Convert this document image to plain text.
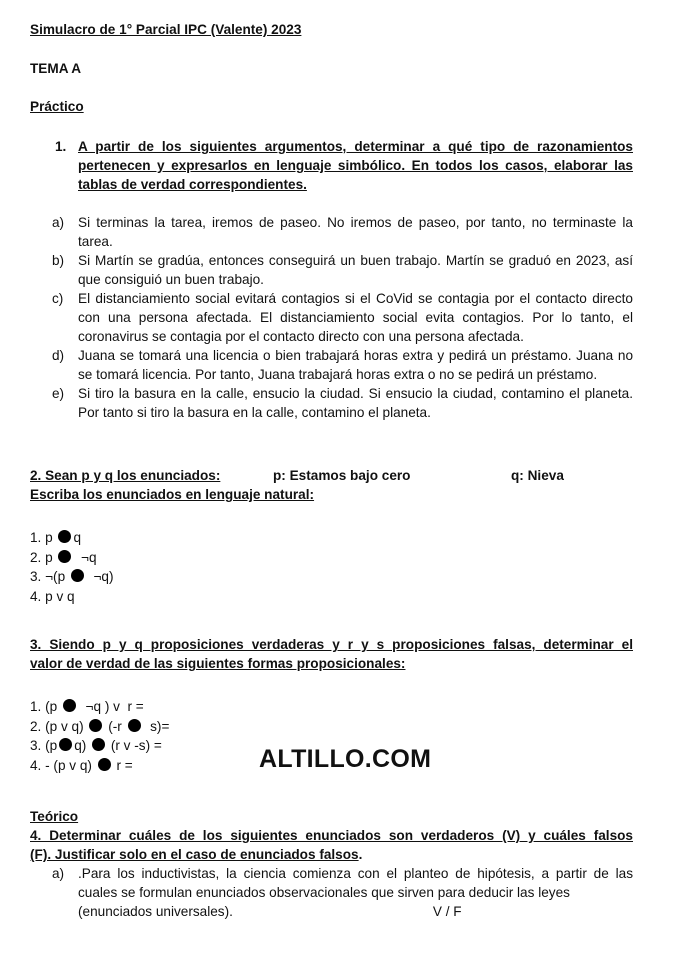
Simulacro de 1° Parcial IPC (Valente) 2023
TEMA A
Práctico
1. A partir de los siguientes argumentos, determinar a qué tipo de razonamientos pertenecen y expresarlos en lenguaje simbólico. En todos los casos, elaborar las tablas de verdad correspondientes.
a)	Si terminas la tarea, iremos de paseo. No iremos de paseo, por tanto, no terminaste la tarea.
b)	Si Martín se gradúa, entonces conseguirá un buen trabajo. Martín se graduó en 2023, así que consiguió un buen trabajo.
c)	El distanciamiento social evitará contagios si el CoVid se contagia por el contacto directo con una persona afectada. El distanciamiento social evita contagios. Por lo tanto, el coronavirus se contagia por el contacto directo con una persona afectada.
d)	Juana se tomará una licencia o bien trabajará horas extra y pedirá un préstamo. Juana no se tomará licencia. Por tanto, Juana trabajará horas extra o no se pedirá un préstamo.
e)	Si tiro la basura en la calle, ensucio la ciudad. Si ensucio la ciudad, contamino el planeta. Por tanto si tiro la basura en la calle, contamino el planeta.
2. Sean p y q los enunciados:	p: Estamos bajo cero	q: Nieva
Escriba los enunciados en lenguaje natural:
1. p q
2. p   ¬q
3. ¬(p   ¬q)
4. p v q
3. Siendo p y q proposiciones verdaderas y r y s proposiciones falsas, determinar el
valor de verdad de las siguientes formas proposicionales:
1. (p   ¬q ) v  r =
2. (p v q)  (-r   s)=
3. (p q)  (r v -s) =
4. - (p v q)  r =	ALTILLO.COM
Teórico
4. Determinar cuáles de los siguientes enunciados son verdaderos (V) y cuáles falsos
(F). Justificar solo en el caso de enunciados falsos.
a)	.Para los inductivistas, la ciencia comienza con el planteo de hipótesis, a partir de las cuales se formulan enunciados observacionales que sirven para deducir las leyes
(enunciados universales).	V / F
